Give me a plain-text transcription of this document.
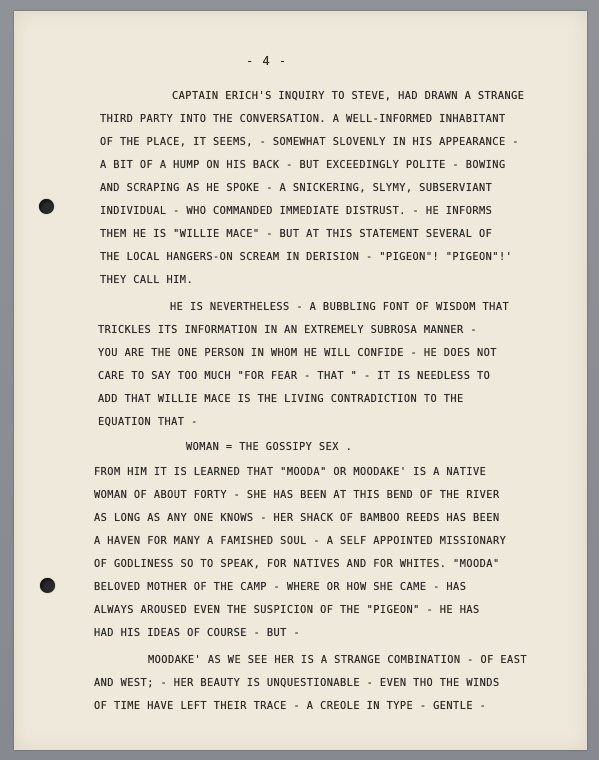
- 4 -
CAPTAIN ERICH'S INQUIRY TO STEVE, HAD DRAWN A STRANGE
THIRD PARTY INTO THE CONVERSATION. A WELL-INFORMED INHABITANT
OF THE PLACE, IT SEEMS, - SOMEWHAT SLOVENLY IN HIS APPEARANCE -
A BIT OF A HUMP ON HIS BACK - BUT EXCEEDINGLY POLITE - BOWING
AND SCRAPING AS HE SPOKE - A SNICKERING, SLYMY, SUBSERVIANT
INDIVIDUAL - WHO COMMANDED IMMEDIATE DISTRUST. - HE INFORMS
THEM HE IS "WILLIE MACE" - BUT AT THIS STATEMENT SEVERAL OF
THE LOCAL HANGERS-ON SCREAM IN DERISION - "PIGEON"! "PIGEON"!'
THEY CALL HIM.
HE IS NEVERTHELESS - A BUBBLING FONT OF WISDOM THAT
TRICKLES ITS INFORMATION IN AN EXTREMELY SUBROSA MANNER -
YOU ARE THE ONE PERSON IN WHOM HE WILL CONFIDE - HE DOES NOT
CARE TO SAY TOO MUCH "FOR FEAR - THAT " - IT IS NEEDLESS TO
ADD THAT WILLIE MACE IS THE LIVING CONTRADICTION TO THE
EQUATION THAT -
WOMAN = THE GOSSIPY SEX .
FROM HIM IT IS LEARNED THAT "MOODA" OR MOODAKE' IS A NATIVE
WOMAN OF ABOUT FORTY - SHE HAS BEEN AT THIS BEND OF THE RIVER
AS LONG AS ANY ONE KNOWS - HER SHACK OF BAMBOO REEDS HAS BEEN
A HAVEN FOR MANY A FAMISHED SOUL - A SELF APPOINTED MISSIONARY
OF GODLINESS SO TO SPEAK, FOR NATIVES AND FOR WHITES. "MOODA"
BELOVED MOTHER OF THE CAMP - WHERE OR HOW SHE CAME - HAS
ALWAYS AROUSED EVEN THE SUSPICION OF THE "PIGEON" - HE HAS
HAD HIS IDEAS OF COURSE - BUT -
MOODAKE' AS WE SEE HER IS A STRANGE COMBINATION - OF EAST
AND WEST; - HER BEAUTY IS UNQUESTIONABLE - EVEN THO THE WINDS
OF TIME HAVE LEFT THEIR TRACE - A CREOLE IN TYPE - GENTLE -
